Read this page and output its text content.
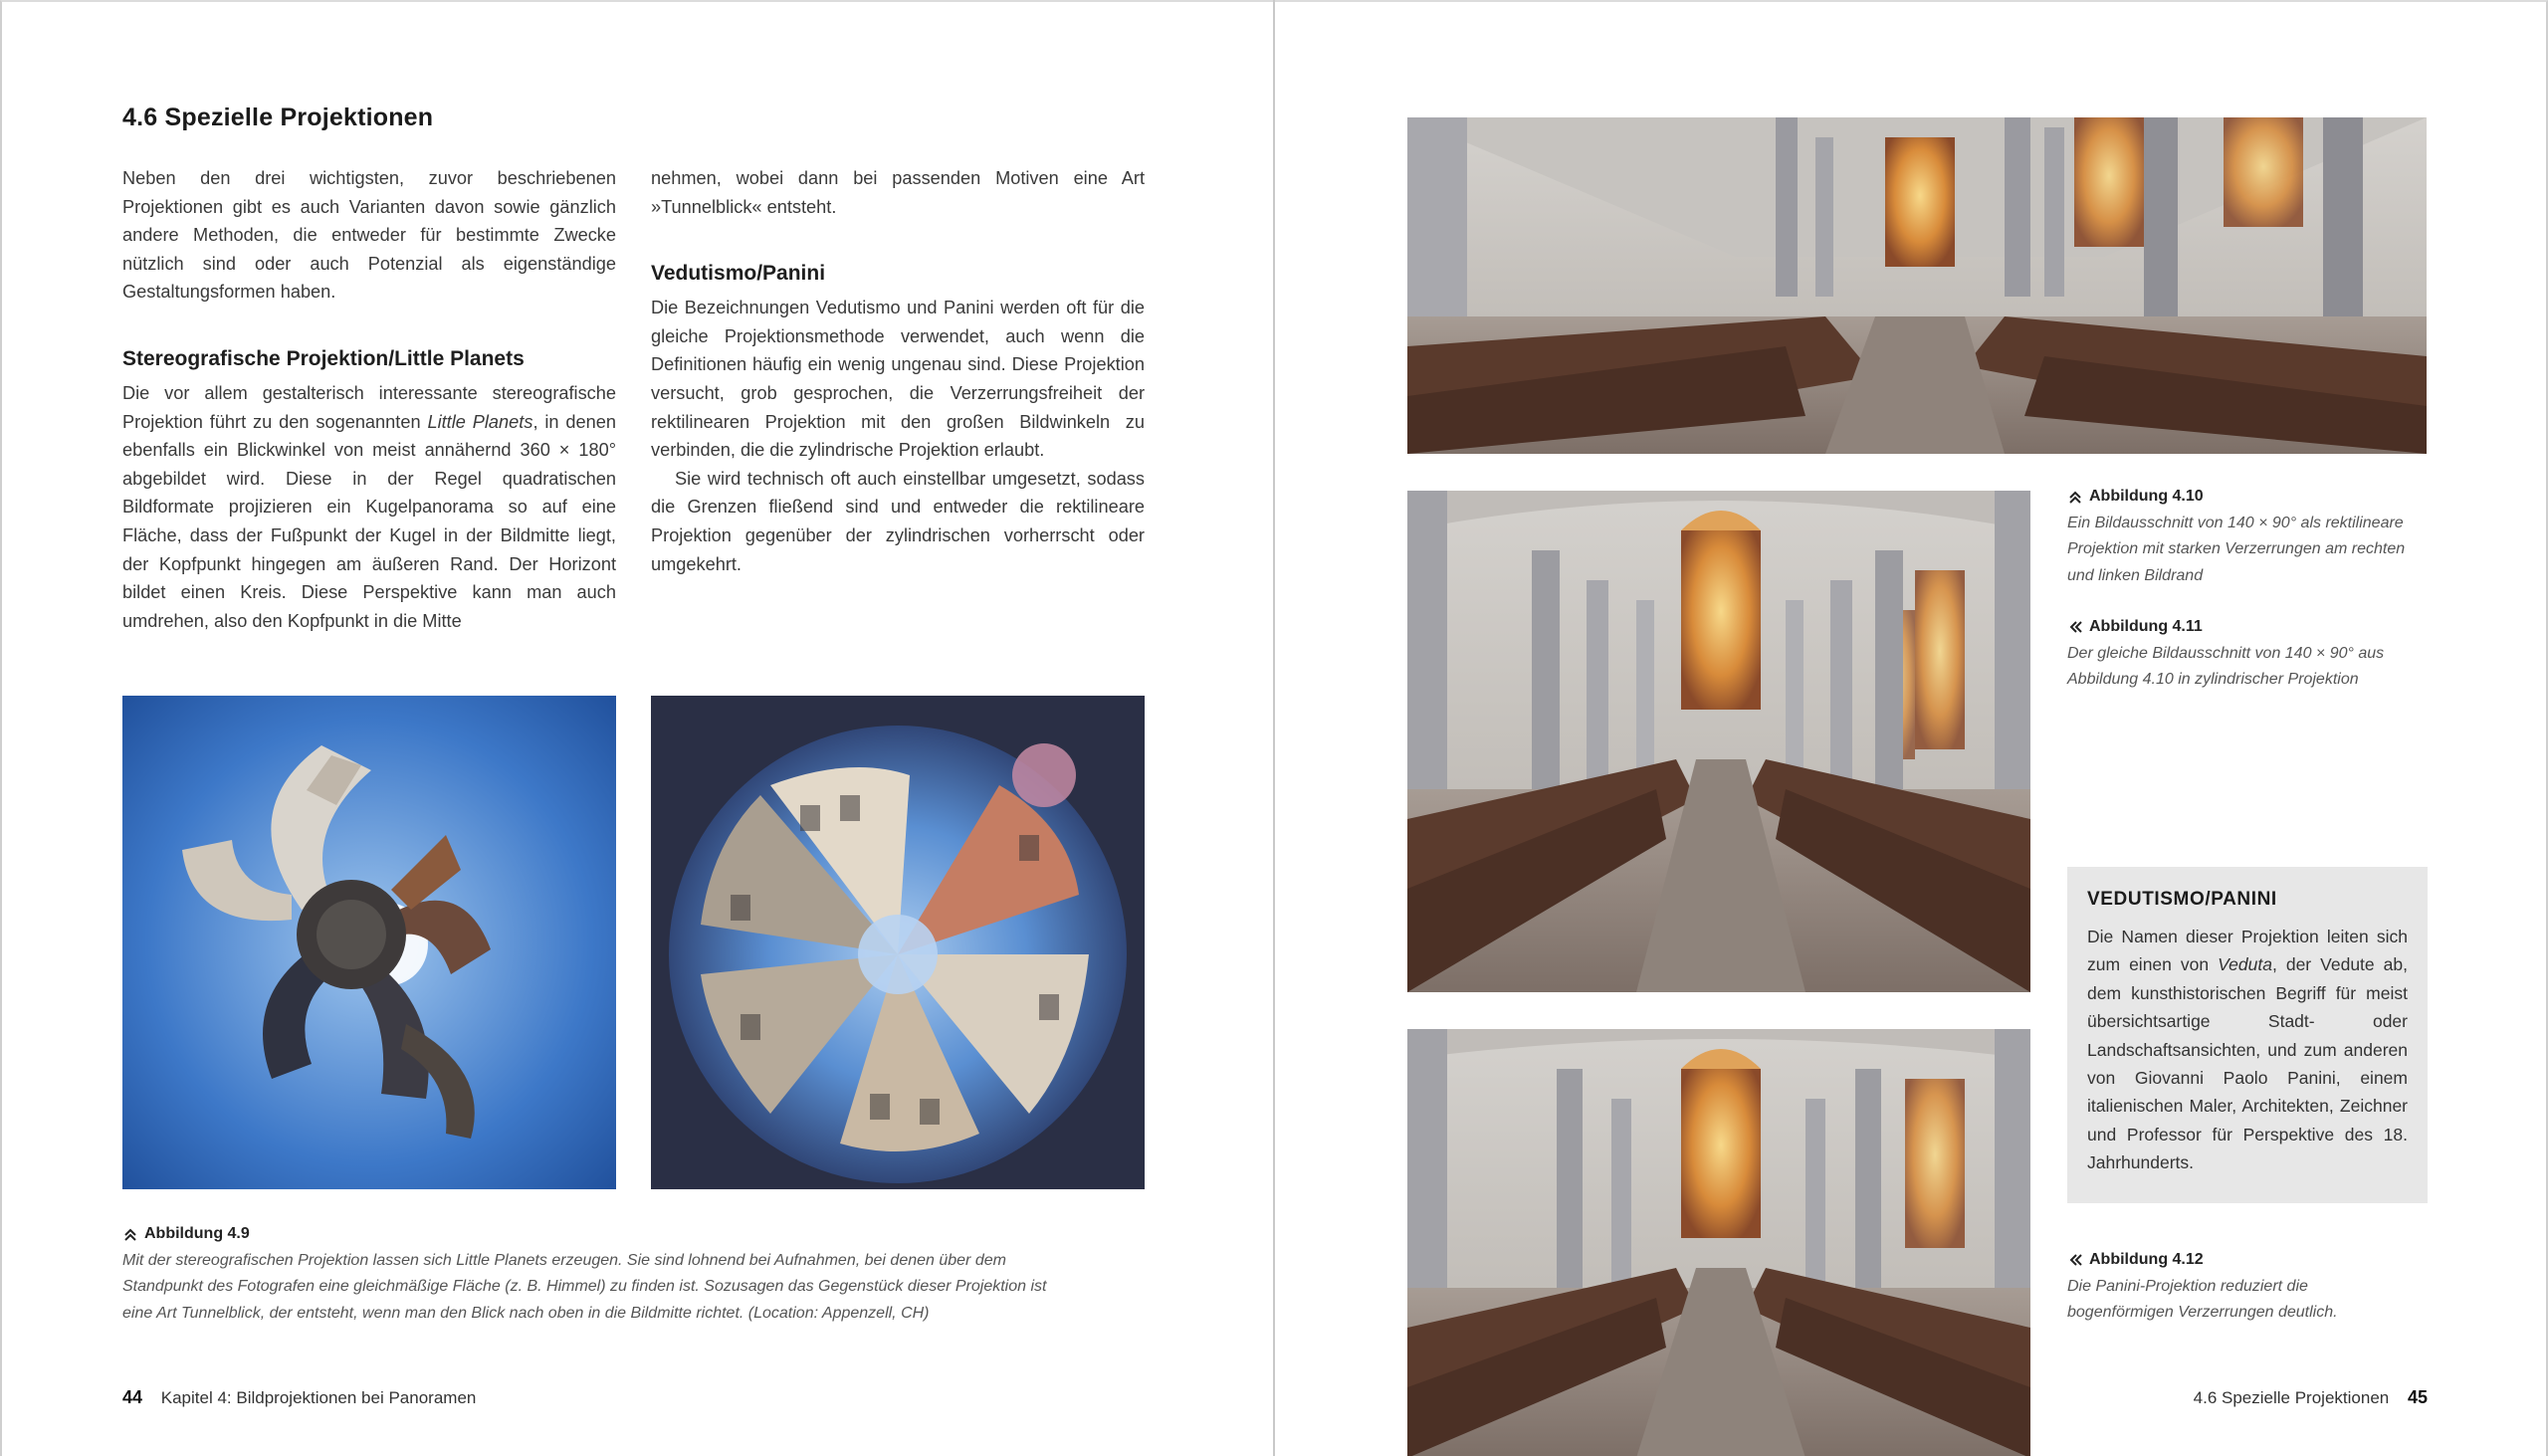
4.6 Spezielle Projektionen

Neben den drei wichtigsten, zuvor beschriebenen Projektionen gibt es auch Varianten davon sowie gänzlich andere Methoden, die entweder für bestimmte Zwecke nützlich sind oder auch Potenzial als eigenständige Gestaltungsformen haben.

Stereografische Projektion/Little Planets

Die vor allem gestalterisch interessante stereografische Projektion führt zu den sogenannten Little Planets, in denen ebenfalls ein Blickwinkel von meist annähernd 360 × 180° abgebildet wird. Diese in der Regel quadratischen Bildformate projizieren ein Kugelpanorama so auf eine Fläche, dass der Fußpunkt der Kugel in der Bildmitte liegt, der Kopfpunkt hingegen am äußeren Rand. Der Horizont bildet einen Kreis. Diese Perspektive kann man auch umdrehen, also den Kopfpunkt in die Mitte

nehmen, wobei dann bei passenden Motiven eine Art »Tunnelblick« entsteht.

Vedutismo/Panini

Die Bezeichnungen Vedutismo und Panini werden oft für die gleiche Projektionsmethode verwendet, auch wenn die Definitionen häufig ein wenig ungenau sind. Diese Projektion versucht, grob gesprochen, die Verzerrungsfreiheit der rektilinearen Projektion mit den großen Bildwinkeln zu verbinden, die die zylindrische Projektion erlaubt.

Sie wird technisch oft auch einstellbar umgesetzt, sodass die Grenzen fließend sind und entweder die rektilineare Projektion gegenüber der zylindrischen vorherrscht oder umgekehrt.

Abbildung 4.9
Mit der stereografischen Projektion lassen sich Little Planets erzeugen. Sie sind lohnend bei Aufnahmen, bei denen über dem Standpunkt des Fotografen eine gleichmäßige Fläche (z. B. Himmel) zu finden ist. Sozusagen das Gegenstück dieser Projektion ist eine Art Tunnelblick, der entsteht, wenn man den Blick nach oben in die Bildmitte richtet. (Location: Appenzell, CH)
44 Kapitel 4: Bildprojektionen bei Panoramen
Abbildung 4.10
Ein Bildausschnitt von 140 × 90° als rektilineare Projektion mit starken Verzerrungen am rechten und linken Bildrand
Abbildung 4.11
Der gleiche Bildausschnitt von 140 × 90° aus Abbildung 4.10 in zylindrischer Projektion
VEDUTISMO/PANINI

Die Namen dieser Projektion leiten sich zum einen von Veduta, der Vedute ab, dem kunsthistorischen Begriff für meist übersichtsartige Stadt- oder Landschaftsansichten, und zum anderen von Giovanni Paolo Panini, einem italienischen Maler, Architekten, Zeichner und Professor für Perspektive des 18. Jahrhunderts.

Abbildung 4.12
Die Panini-Projektion reduziert die bogenförmigen Verzerrungen deutlich.
4.6 Spezielle Projektionen 45
